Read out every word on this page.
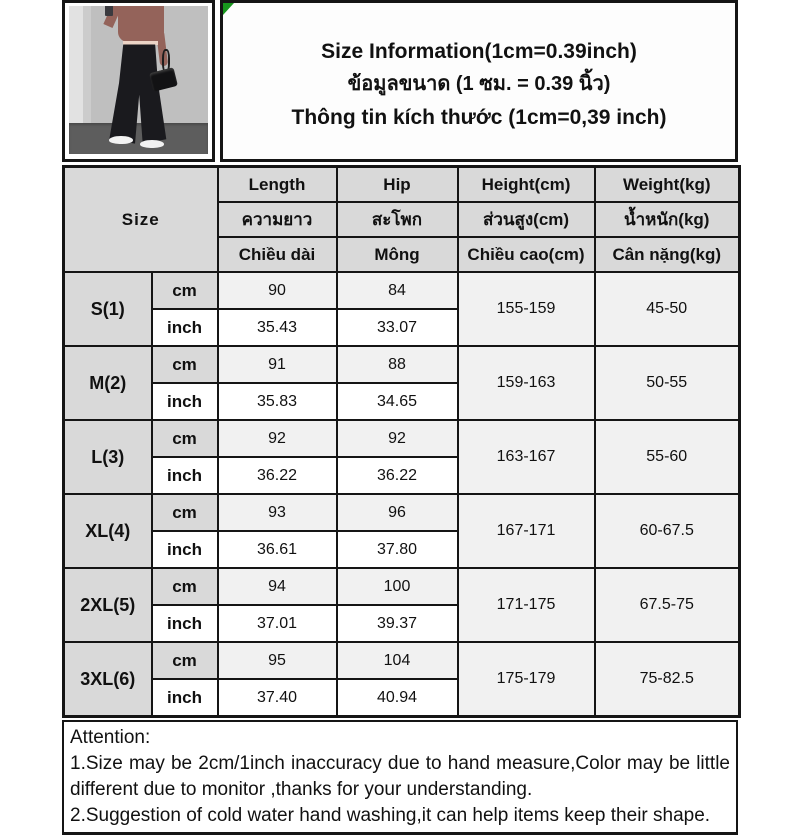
Size Information(1cm=0.39inch)
ข้อมูลขนาด (1 ซม. = 0.39 นิ้ว)
Thông tin kích thước (1cm=0,39 inch)
Size		Length	Hip	Height(cm)	Weight(kg)
		ความยาว	สะโพก	ส่วนสูง(cm)	น้ำหนัก(kg)
		Chiều dài	Mông	Chiều cao(cm)	Cân nặng(kg)
S(1)	cm	90	84	155-159	45-50
	inch	35.43	33.07		
M(2)	cm	91	88	159-163	50-55
	inch	35.83	34.65		
L(3)	cm	92	92	163-167	55-60
	inch	36.22	36.22		
XL(4)	cm	93	96	167-171	60-67.5
	inch	36.61	37.80		
2XL(5)	cm	94	100	171-175	67.5-75
	inch	37.01	39.37		
3XL(6)	cm	95	104	175-179	75-82.5
	inch	37.40	40.94		
Attention:
1.Size may be 2cm/1inch inaccuracy due to hand measure,Color may be little different due to monitor ,thanks for your understanding.
2.Suggestion of cold water hand washing,it can help items keep their shape.
